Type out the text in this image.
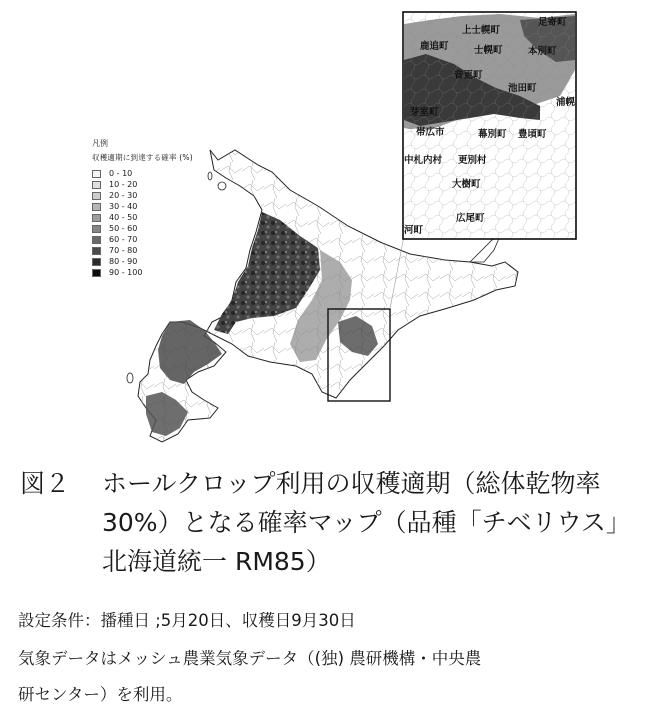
上士幌町
足寄町
鹿追町	士幌町	本別町
音更町
池田町
浦幌
芽室町
帯広市	幕別町 豊頃町
中札内村 更別村
大樹町
広尾町
河町
凡例
収穫適期に到達する確率 (%)
0 - 10
10 - 20
20 - 30
30 - 40
40 - 50
50 - 60
60 - 70
70 - 80
80 - 90
90 - 100
図２ ホールクロップ利用の収穫適期（総体乾物率30%）となる確率マップ（品種「チベリウス」北海道統一 RM85）
設定条件：播種日 ;5月20日、収穫日9月30日
気象データはメッシュ農業気象データ（(独) 農研機構・中央農
研センター）を利用。
